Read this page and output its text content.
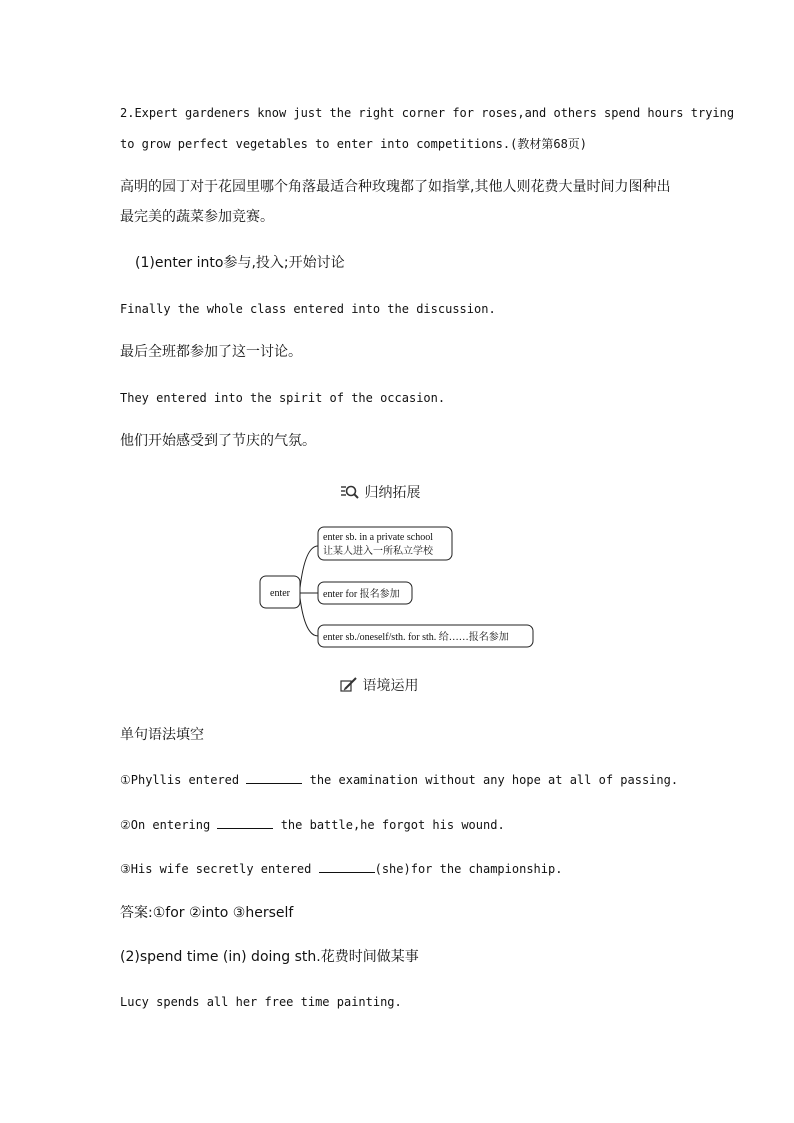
2.Expert gardeners know just the right corner for roses,and others spend hours trying
to grow perfect vegetables to enter into competitions.(教材第68页)
高明的园丁对于花园里哪个角落最适合种玫瑰都了如指掌,其他人则花费大量时间力图种出
最完美的蔬菜参加竞赛。
(1)enter into参与,投入;开始讨论
Finally the whole class entered into the discussion.
最后全班都参加了这一讨论。
They entered into the spirit of the occasion.
他们开始感受到了节庆的气氛。
归纳拓展
enter
enter sb. in a private school
让某人进入一所私立学校
enter for 报名参加
enter sb./oneself/sth. for sth. 给……报名参加
语境运用
单句语法填空
①Phyllis entered	the examination without any hope at all of passing.
②On entering	the battle,he forgot his wound.
③His wife secretly entered	(she)for the championship.
答案:①for ②into ③herself
(2)spend time (in) doing sth.花费时间做某事
Lucy spends all her free time painting.
